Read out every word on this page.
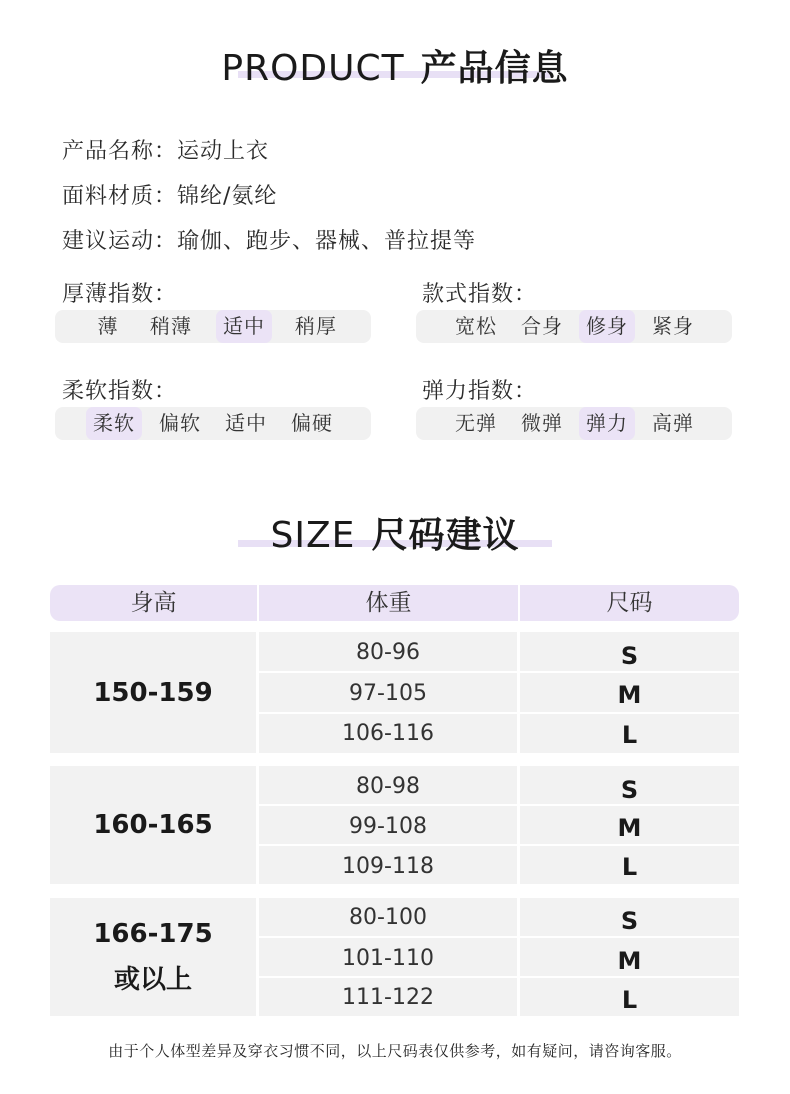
PRODUCT 产品信息
产品名称：运动上衣
面料材质：锦纶/氨纶
建议运动：瑜伽、跑步、器械、普拉提等
厚薄指数：
薄	稍薄	适中	稍厚
款式指数：
宽松	合身	修身	紧身
柔软指数：
柔软	偏软	适中	偏硬
弹力指数：
无弹	微弹	弹力	高弹
SIZE 尺码建议
身高	体重	尺码
150-159
80-96	S
97-105	M
106-116	L
160-165
80-98	S
99-108	M
109-118	L
166-175
或以上
80-100	S
101-110	M
111-122	L
由于个人体型差异及穿衣习惯不同，以上尺码表仅供参考，如有疑问，请咨询客服。
